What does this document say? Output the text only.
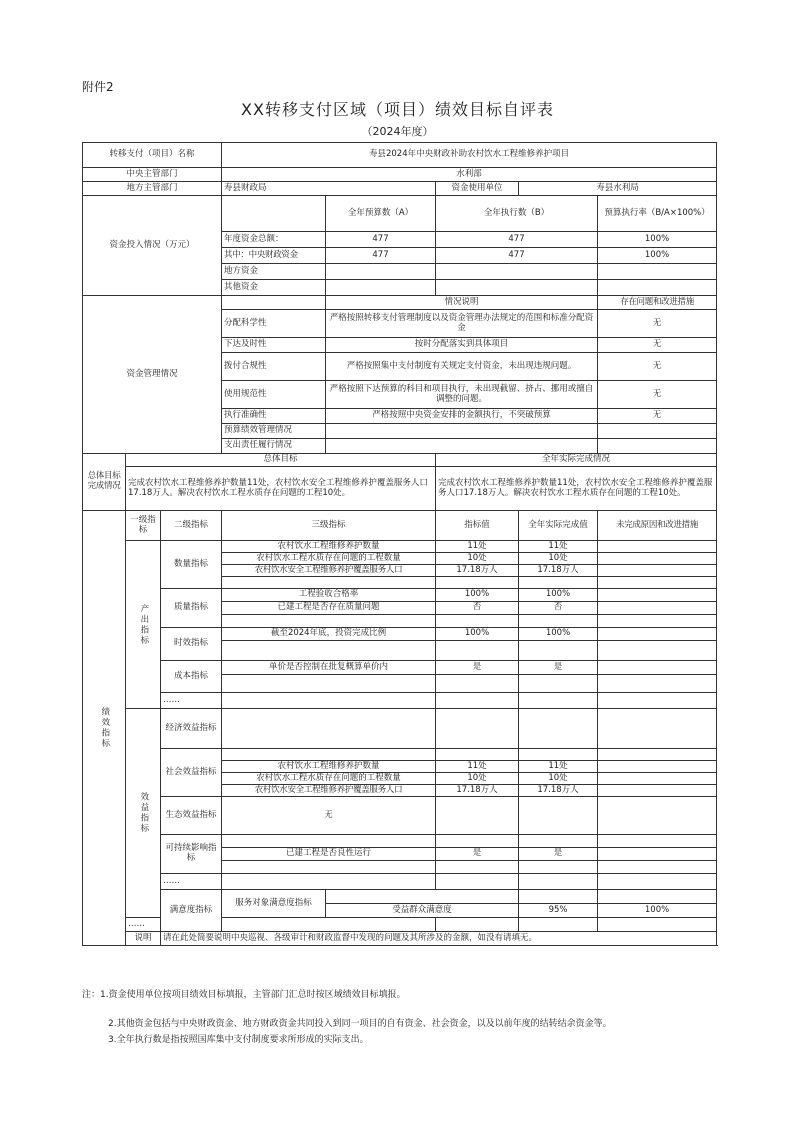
附件2
XX转移支付区域（项目）绩效目标自评表
（2024年度）
转移支付（项目）名称			寿县2024年中央财政补助农村饮水工程维修养护项目					
中央主管部门			水利部					
地方主管部门			寿县财政局		资金使用单位	寿县水利局		
资金投入情况（万元）				全年预算数（A）	全年执行数（B）		预算执行率（B/A×100%）	
			年度资金总额：	477	477		100%	
			其中：中央财政资金	477	477		100%	
			地方资金					
			其他资金					
资金管理情况				情况说明			存在问题和改进措施	
			分配科学性	严格按照转移支付管理制度以及资金管理办法规定的范围和标准分配资金			无	
			下达及时性	按时分配落实到具体项目			无	
			拨付合规性	严格按照集中支付制度有关规定支付资金，未出现违规问题。			无	
			使用规范性	严格按照下达预算的科目和项目执行，未出现截留、挤占、挪用或擅自调整的问题。			无	
			执行准确性	严格按照中央资金安排的金额执行，不突破预算			无	
			预算绩效管理情况					
			支出责任履行情况					
总体目标完成情况	总体目标				全年实际完成情况			
	完成农村饮水工程维修养护数量11处，农村饮水安全工程维修养护覆盖服务人口17.18万人。解决农村饮水工程水质存在问题的工程10处。				完成农村饮水工程维修养护数量11处，农村饮水安全工程维修养护覆盖服务人口17.18万人。解决农村饮水工程水质存在问题的工程10处。			

绩效指标	一级指标	二级指标	三级指标		指标值	全年实际完成值	未完成原因和改进措施	

	产出指标	数量指标	农村饮水工程维修养护数量		11处	11处		
			农村饮水工程水质存在问题的工程数量		10处	10处		
			农村饮水安全工程维修养护覆盖服务人口		17.18万人	17.18万人		

		质量指标	工程验收合格率		100%	100%		
			已建工程是否存在质量问题		否	否		

		时效指标	截至2024年底，投资完成比例		100%	100%		

		成本指标	单价是否控制在批复概算单价内		是	是		

		……						

	效益指标	经济效益指标						
		社会效益指标						
			农村饮水工程维修养护数量		11处	11处		
			农村饮水工程水质存在问题的工程数量		10处	10处		
			农村饮水安全工程维修养护覆盖服务人口		17.18万人	17.18万人		
		生态效益指标	无					
		可持续影响指标						
			已建工程是否良性运行		是	是		

		……						
		满意度指标	服务对象满意度指标					
				受益群众满意度		95%	100%	
	……							
	说明	请在此处简要说明中央巡视、各级审计和财政监督中发现的问题及其所涉及的金额，如没有请填无。						
注：1.资金使用单位按项目绩效目标填报，主管部门汇总时按区域绩效目标填报。
2.其他资金包括与中央财政资金、地方财政资金共同投入到同一项目的自有资金、社会资金，以及以前年度的结转结余资金等。
3.全年执行数是指按照国库集中支付制度要求所形成的实际支出。
